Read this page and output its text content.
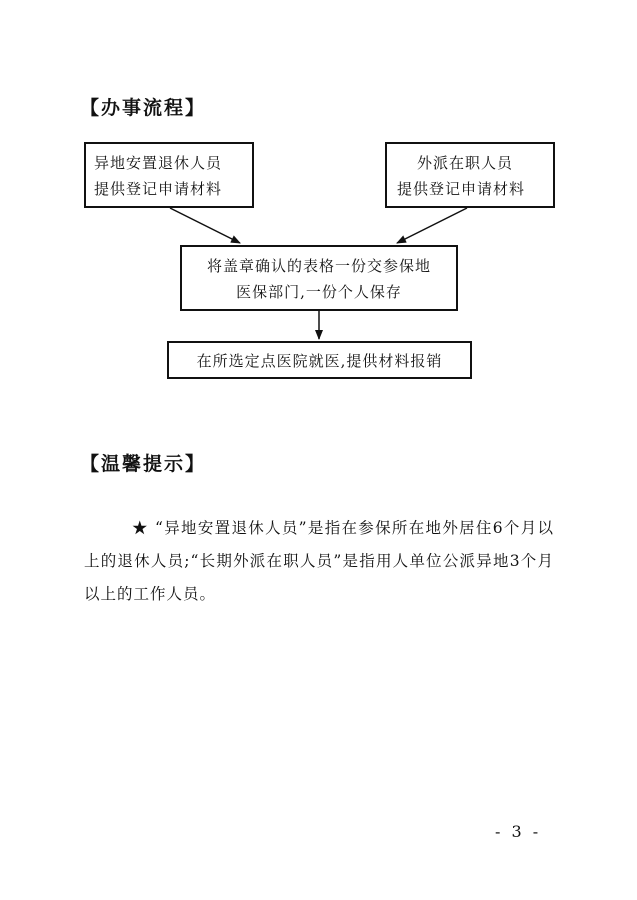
【办事流程】
异地安置退休人员
提供登记申请材料
外派在职人员
提供登记申请材料
将盖章确认的表格一份交参保地
医保部门,一份个人保存
在所选定点医院就医,提供材料报销
【温馨提示】
★ “异地安置退休人员”是指在参保所在地外居住6个月以上的退休人员;“长期外派在职人员”是指用人单位公派异地3个月以上的工作人员。
- 3 -
